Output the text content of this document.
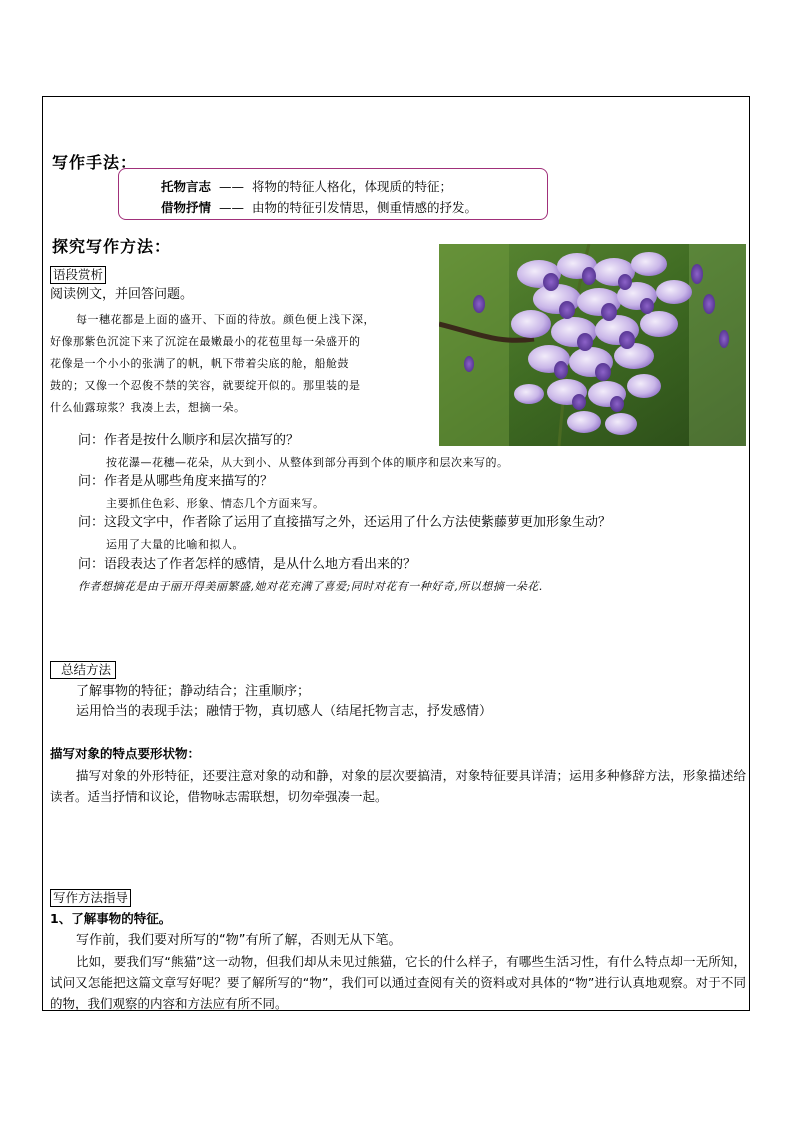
写作手法：
托物言志 —— 将物的特征人格化，体现质的特征；
借物抒情 —— 由物的特征引发情思，侧重情感的抒发。
探究写作方法：
语段赏析
阅读例文，并回答问题。
每一穗花都是上面的盛开、下面的待放。颜色便上浅下深，
好像那紫色沉淀下来了沉淀在最嫩最小的花苞里每一朵盛开的
花像是一个小小的张满了的帆，帆下带着尖底的舱，船舱鼓
鼓的；又像一个忍俊不禁的笑容，就要绽开似的。那里装的是
什么仙露琼浆？我凑上去，想摘一朵。
问：作者是按什么顺序和层次描写的？
按花瀑—花穗—花朵，从大到小、从整体到部分再到个体的顺序和层次来写的。
问：作者是从哪些角度来描写的？
主要抓住色彩、形象、情态几个方面来写。
问：这段文字中，作者除了运用了直接描写之外，还运用了什么方法使紫藤萝更加形象生动？
运用了大量的比喻和拟人。
问：语段表达了作者怎样的感情，是从什么地方看出来的？
作者想摘花是由于丽开得美丽繁盛,她对花充满了喜爱;同时对花有一种好奇,所以想摘一朵花.
总结方法
了解事物的特征；静动结合；注重顺序；
运用恰当的表现手法；融情于物，真切感人（结尾托物言志，抒发感情）
描写对象的特点要形状物：
描写对象的外形特征，还要注意对象的动和静，对象的层次要搞清，对象特征要具详清；运用多种修辞方法，形象描述给读者。适当抒情和议论，借物咏志需联想，切勿牵强凑一起。
写作方法指导
1、了解事物的特征。
写作前，我们要对所写的“物”有所了解，否则无从下笔。
比如，要我们写“熊猫”这一动物，但我们却从未见过熊猫，它长的什么样子，有哪些生活习性，有什么特点却一无所知，试问又怎能把这篇文章写好呢？要了解所写的“物”，我们可以通过查阅有关的资料或对具体的“物”进行认真地观察。对于不同的物，我们观察的内容和方法应有所不同。
